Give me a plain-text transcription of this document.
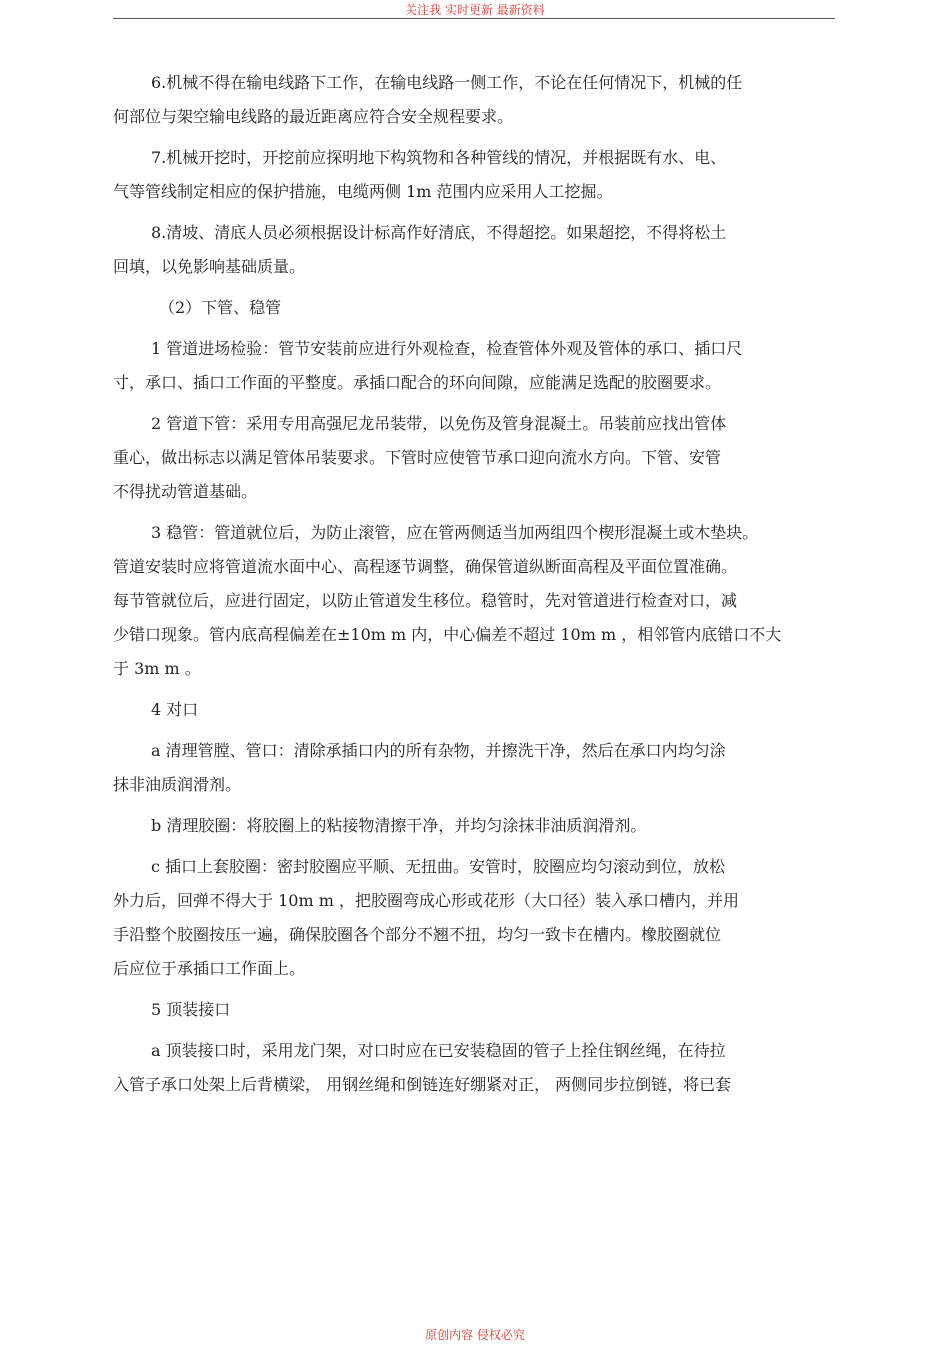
关注我 实时更新 最新资料
6.机械不得在输电线路下工作，在输电线路一侧工作，不论在任何情况下，机械的任
何部位与架空输电线路的最近距离应符合安全规程要求。
7.机械开挖时，开挖前应探明地下构筑物和各种管线的情况，并根据既有水、电、
气等管线制定相应的保护措施，电缆两侧 1m 范围内应采用人工挖掘。
8.清坡、清底人员必须根据设计标高作好清底，不得超挖。如果超挖，不得将松土
回填，以免影响基础质量。
（2）下管、稳管
1 管道进场检验：管节安装前应进行外观检查，检查管体外观及管体的承口、插口尺
寸，承口、插口工作面的平整度。承插口配合的环向间隙，应能满足选配的胶圈要求。
2 管道下管：采用专用高强尼龙吊装带，以免伤及管身混凝土。吊装前应找出管体
重心，做出标志以满足管体吊装要求。下管时应使管节承口迎向流水方向。下管、安管
不得扰动管道基础。
3 稳管：管道就位后，为防止滚管，应在管两侧适当加两组四个楔形混凝土或木垫块。
管道安装时应将管道流水面中心、高程逐节调整，确保管道纵断面高程及平面位置准确。
每节管就位后，应进行固定，以防止管道发生移位。稳管时，先对管道进行检查对口，减
少错口现象。管内底高程偏差在±10m m 内，中心偏差不超过 10m m ，相邻管内底错口不大
于 3m m 。
4 对口
a 清理管膛、管口：清除承插口内的所有杂物，并擦洗干净，然后在承口内均匀涂
抹非油质润滑剂。
b 清理胶圈：将胶圈上的粘接物清擦干净，并均匀涂抹非油质润滑剂。
c 插口上套胶圈：密封胶圈应平顺、无扭曲。安管时，胶圈应均匀滚动到位，放松
外力后，回弹不得大于 10m m ，把胶圈弯成心形或花形（大口径）装入承口槽内，并用
手沿整个胶圈按压一遍，确保胶圈各个部分不翘不扭，均匀一致卡在槽内。橡胶圈就位
后应位于承插口工作面上。
5 顶装接口
a 顶装接口时，采用龙门架，对口时应在已安装稳固的管子上拴住钢丝绳，在待拉
入管子承口处架上后背横梁， 用钢丝绳和倒链连好绷紧对正， 两侧同步拉倒链，将已套
原创内容 侵权必究
